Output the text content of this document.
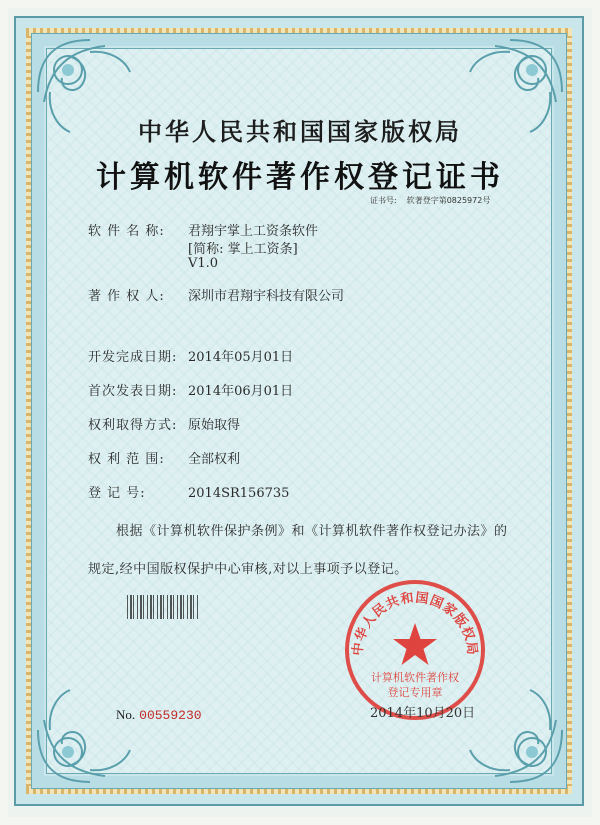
中华人民共和国国家版权局
计算机软件著作权登记证书
证书号: 软著登字第0825972号
软 件 名 称: 君翔宇掌上工资条软件
[简称: 掌上工资条]
V1.0
著 作 权 人: 深圳市君翔宇科技有限公司
开发完成日期: 2014年05月01日
首次发表日期: 2014年06月01日
权利取得方式: 原始取得
权 利 范 围: 全部权利
登 记 号:	2014SR156735
根据《计算机软件保护条例》和《计算机软件著作权登记办法》的
规定,经中国版权保护中心审核,对以上事项予以登记。
中华人民共和国国家版权局
计算机软件著作权
登记专用章
No. 00559230	2014年10月20日
